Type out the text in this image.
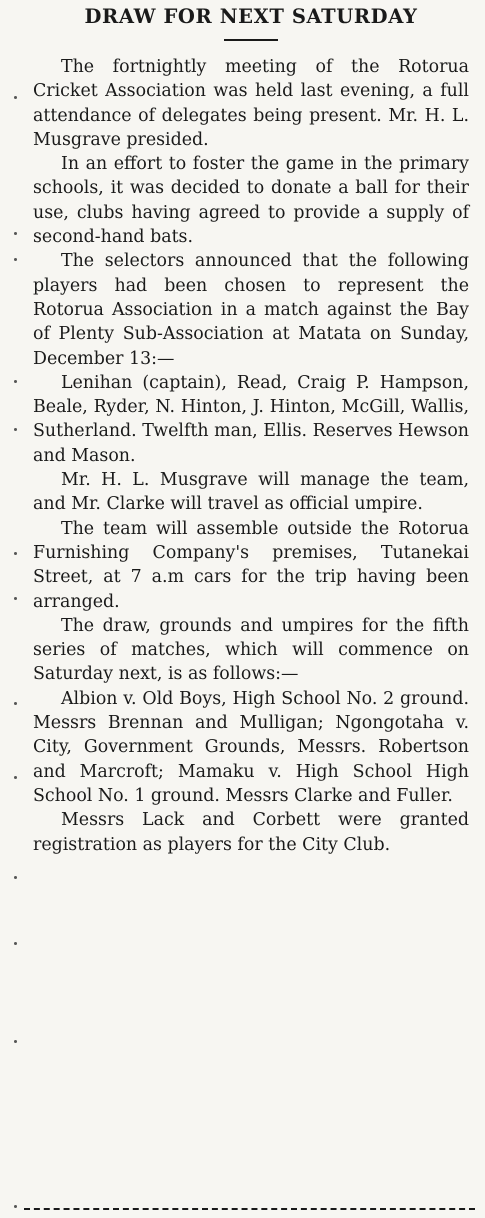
DRAW FOR NEXT SATURDAY

The fortnightly meeting of the Rotorua Cricket Association was held last evening, a full attendance of delegates being present. Mr. H. L. Musgrave presided.

In an effort to foster the game in the primary schools, it was decided to donate a ball for their use, clubs having agreed to provide a supply of second-hand bats.

The selectors announced that the following players had been chosen to represent the Rotorua Association in a match against the Bay of Plenty Sub-Association at Matata on Sunday, December 13:—

Lenihan (captain), Read, Craig P. Hampson, Beale, Ryder, N. Hinton, J. Hinton, McGill, Wallis, Sutherland. Twelfth man, Ellis. Reserves Hewson and Mason.

Mr. H. L. Musgrave will manage the team, and Mr. Clarke will travel as official umpire.

The team will assemble outside the Rotorua Furnishing Company's premises, Tutanekai Street, at 7 a.m cars for the trip having been arranged.

The draw, grounds and umpires for the fifth series of matches, which will commence on Saturday next, is as follows:—

Albion v. Old Boys, High School No. 2 ground. Messrs Brennan and Mulligan; Ngongotaha v. City, Government Grounds, Messrs. Robertson and Marcroft; Mamaku v. High School High School No. 1 ground. Messrs Clarke and Fuller.

Messrs Lack and Corbett were granted registration as players for the City Club.
